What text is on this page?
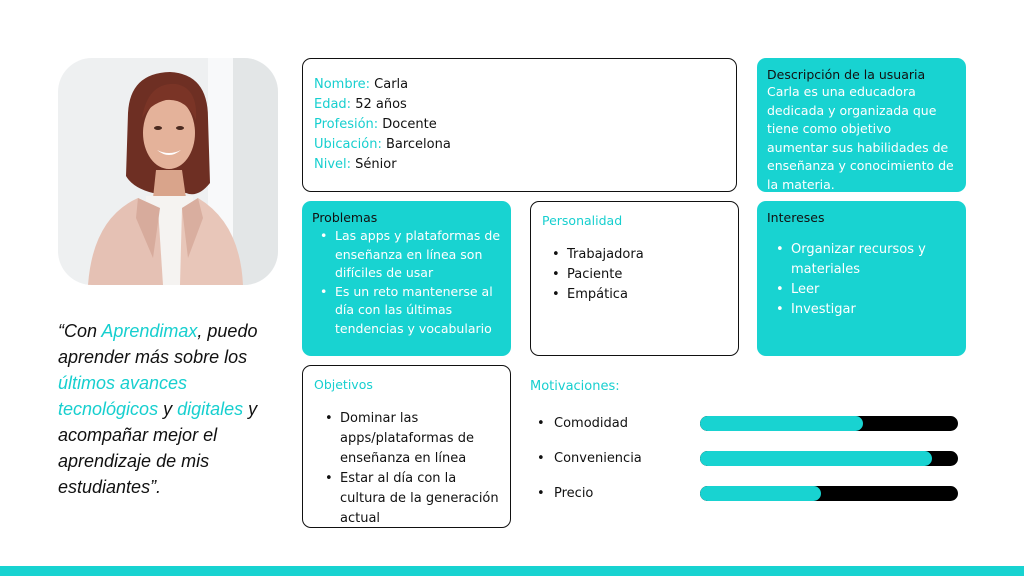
“Con Aprendimax, puedo aprender más sobre los últimos avances tecnológicos y digitales y acompañar mejor el aprendizaje de mis estudiantes”.

Nombre: Carla
Edad: 52 años
Profesión: Docente
Ubicación: Barcelona
Nivel: Sénior
Descripción de la usuaria
Carla es una educadora dedicada y organizada que tiene como objetivo aumentar sus habilidades de enseñanza y conocimiento de la materia.
Problemas
• Las apps y plataformas de enseñanza en línea son difíciles de usar
• Es un reto mantenerse al día con las últimas tendencias y vocabulario
Personalidad
• Trabajadora
• Paciente
• Empática
Intereses
• Organizar recursos y materiales
• Leer
• Investigar
Objetivos
• Dominar las apps/plataformas de enseñanza en línea
• Estar al día con la cultura de la generación actual
Motivaciones:
• Comodidad
• Conveniencia
• Precio
